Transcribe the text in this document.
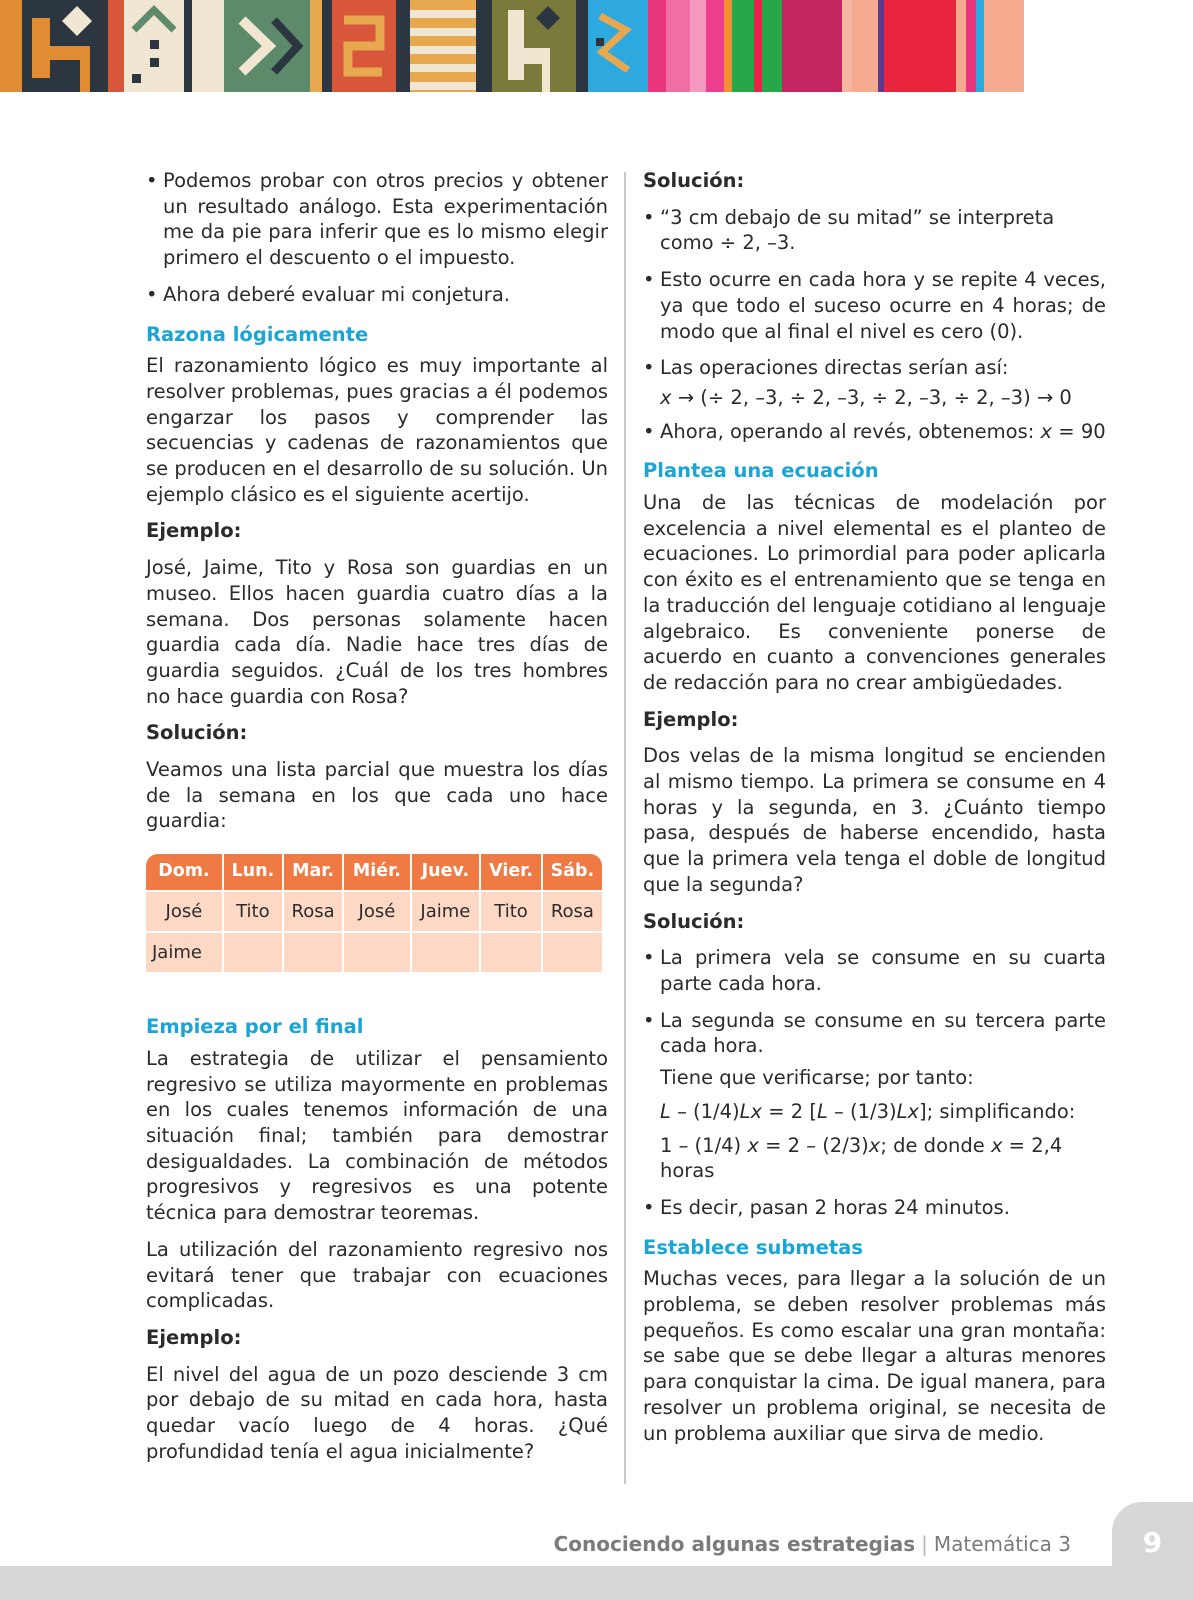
• Podemos probar con otros precios y obtener un resultado análogo. Esta experimentación me da pie para inferir que es lo mismo elegir primero el descuento o el impuesto.
• Ahora deberé evaluar mi conjetura.
Razona lógicamente

El razonamiento lógico es muy importante al resolver problemas, pues gracias a él podemos engarzar los pasos y comprender las secuencias y cadenas de razonamientos que se producen en el desarrollo de su solución. Un ejemplo clásico es el siguiente acertijo.

Ejemplo:

José, Jaime, Tito y Rosa son guardias en un museo. Ellos hacen guardia cuatro días a la semana. Dos personas solamente hacen guardia cada día. Nadie hace tres días de guardia seguidos. ¿Cuál de los tres hombres no hace guardia con Rosa?

Solución:

Veamos una lista parcial que muestra los días de la semana en los que cada uno hace guardia:

Dom.	Lun.	Mar.	Miér.	Juev.	Vier.	Sáb.
José	Tito	Rosa	José	Jaime	Tito	Rosa
Jaime						
Empieza por el final

La estrategia de utilizar el pensamiento regresivo se utiliza mayormente en problemas en los cuales tenemos información de una situación final; también para demostrar desigualdades. La combinación de métodos progresivos y regresivos es una potente técnica para demostrar teoremas.

La utilización del razonamiento regresivo nos evitará tener que trabajar con ecuaciones complicadas.

Ejemplo:

El nivel del agua de un pozo desciende 3 cm por debajo de su mitad en cada hora, hasta quedar vacío luego de 4 horas. ¿Qué profundidad tenía el agua inicialmente?

Solución:
• “3 cm debajo de su mitad” se interpreta como ÷ 2, –3.
• Esto ocurre en cada hora y se repite 4 veces, ya que todo el suceso ocurre en 4 horas; de modo que al final el nivel es cero (0).
• Las operaciones directas serían así:
x → (÷ 2, –3, ÷ 2, –3, ÷ 2, –3, ÷ 2, –3) → 0
• Ahora, operando al revés, obtenemos: x = 90
Plantea una ecuación

Una de las técnicas de modelación por excelencia a nivel elemental es el planteo de ecuaciones. Lo primordial para poder aplicarla con éxito es el entrenamiento que se tenga en la traducción del lenguaje cotidiano al lenguaje algebraico. Es conveniente ponerse de acuerdo en cuanto a convenciones generales de redacción para no crear ambigüedades.

Ejemplo:

Dos velas de la misma longitud se encienden al mismo tiempo. La primera se consume en 4 horas y la segunda, en 3. ¿Cuánto tiempo pasa, después de haberse encendido, hasta que la primera vela tenga el doble de longitud que la segunda?

Solución:
• La primera vela se consume en su cuarta parte cada hora.
• La segunda se consume en su tercera parte cada hora.
Tiene que verificarse; por tanto:
L – (1/4)Lx = 2 [L – (1/3)Lx]; simplificando:
1 – (1/4) x = 2 – (2/3)x; de donde x = 2,4 horas
• Es decir, pasan 2 horas 24 minutos.
Establece submetas

Muchas veces, para llegar a la solución de un problema, se deben resolver problemas más pequeños. Es como escalar una gran montaña: se sabe que se debe llegar a alturas menores para conquistar la cima. De igual manera, para resolver un problema original, se necesita de un problema auxiliar que sirva de medio.

9
Conociendo algunas estrategias | Matemática 3
